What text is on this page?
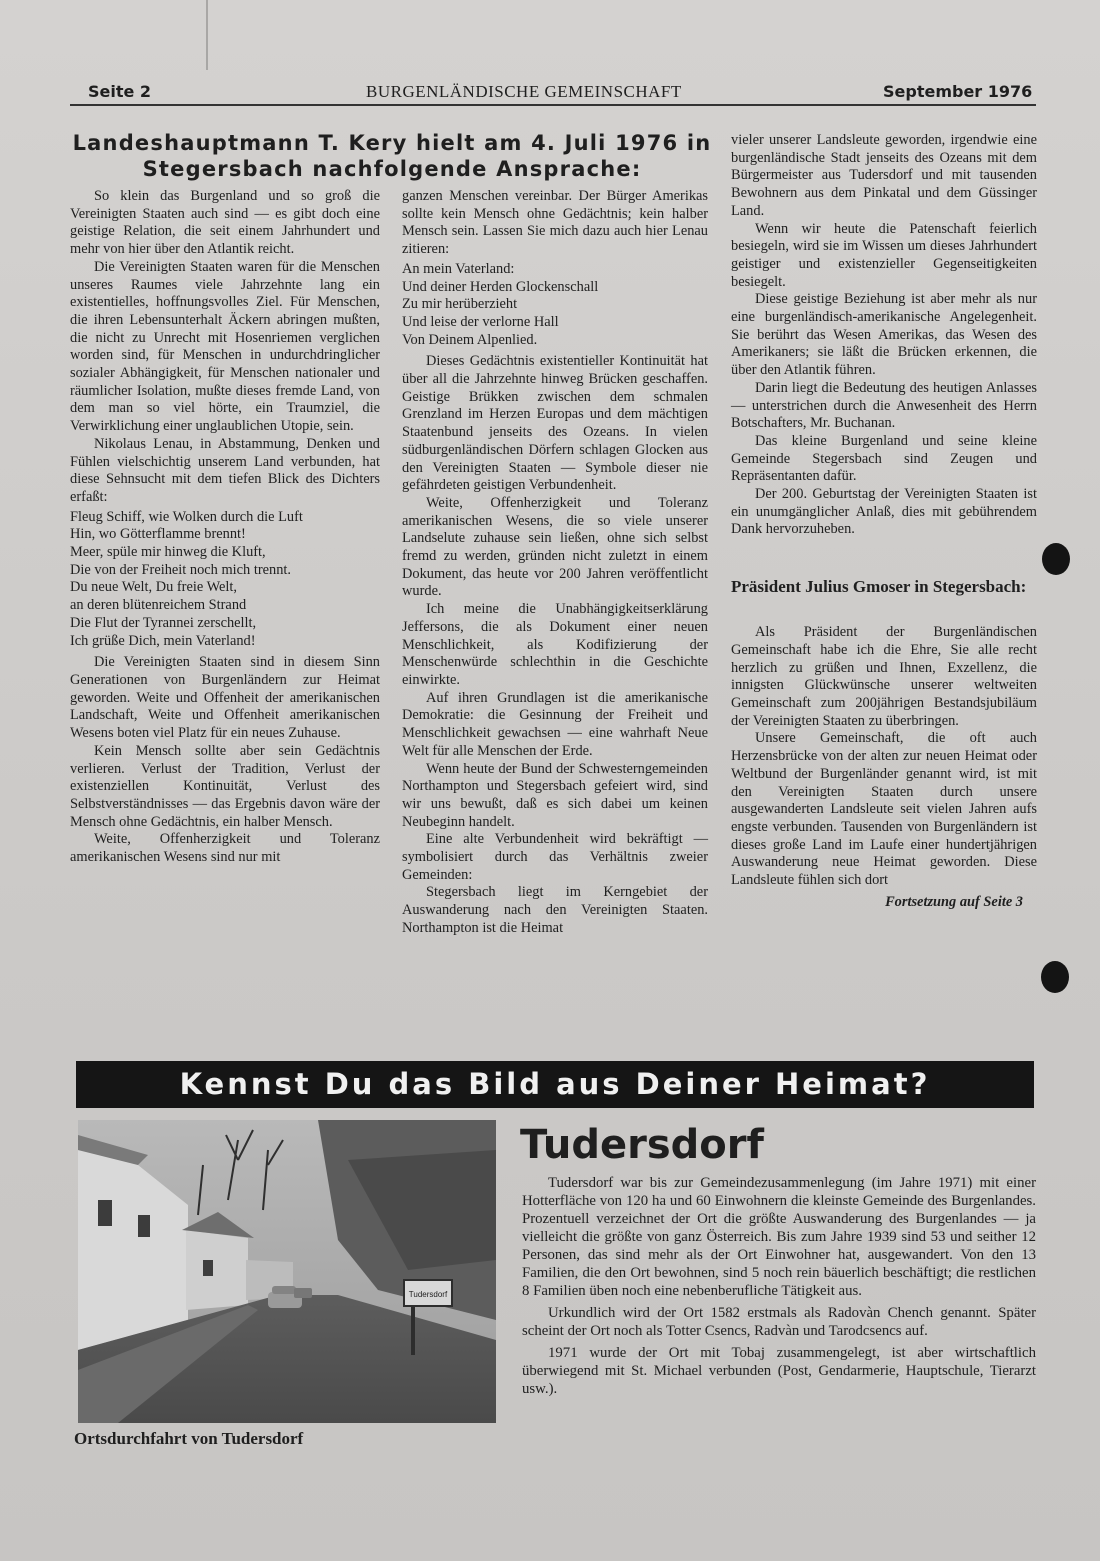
Seite 2	BURGENLÄNDISCHE GEMEINSCHAFT	September 1976
Landeshauptmann T. Kery hielt am 4. Juli 1976 in
Stegersbach nachfolgende Ansprache:

So klein das Burgenland und so groß die Vereinigten Staaten auch sind — es gibt doch eine geistige Relation, die seit einem Jahrhundert und mehr von hier über den Atlantik reicht.

Die Vereinigten Staaten waren für die Menschen unseres Raumes viele Jahrzehnte lang ein existentielles, hoffnungsvolles Ziel. Für Menschen, die ihren Lebensunterhalt Äckern abringen mußten, die nicht zu Unrecht mit Hosenriemen verglichen worden sind, für Menschen in undurchdringlicher sozialer Abhängigkeit, für Menschen nationaler und räumlicher Isolation, mußte dieses fremde Land, von dem man so viel hörte, ein Traumziel, die Verwirklichung einer unglaublichen Utopie, sein.

Nikolaus Lenau, in Abstammung, Denken und Fühlen vielschichtig unserem Land verbunden, hat diese Sehnsucht mit dem tiefen Blick des Dichters erfaßt:

Fleug Schiff, wie Wolken durch die Luft
Hin, wo Götterflamme brennt!
Meer, spüle mir hinweg die Kluft,
Die von der Freiheit noch mich trennt.
Du neue Welt, Du freie Welt,
an deren blütenreichem Strand
Die Flut der Tyrannei zerschellt,
Ich grüße Dich, mein Vaterland!

Die Vereinigten Staaten sind in diesem Sinn Generationen von Burgenländern zur Heimat geworden. Weite und Offenheit der amerikanischen Landschaft, Weite und Offenheit amerikanischen Wesens boten viel Platz für ein neues Zuhause.

Kein Mensch sollte aber sein Gedächtnis verlieren. Verlust der Tradition, Verlust der existenziellen Kontinuität, Verlust des Selbstverständnisses — das Ergebnis davon wäre der Mensch ohne Gedächtnis, ein halber Mensch.

Weite, Offenherzigkeit und Toleranz amerikanischen Wesens sind nur mit

ganzen Menschen vereinbar. Der Bürger Amerikas sollte kein Mensch ohne Gedächtnis; kein halber Mensch sein. Lassen Sie mich dazu auch hier Lenau zitieren:

An mein Vaterland:
Und deiner Herden Glockenschall
Zu mir herüberzieht
Und leise der verlorne Hall
Von Deinem Alpenlied.

Dieses Gedächtnis existentieller Kontinuität hat über all die Jahrzehnte hinweg Brücken geschaffen. Geistige Brükken zwischen dem schmalen Grenzland im Herzen Europas und dem mächtigen Staatenbund jenseits des Ozeans. In vielen südburgenländischen Dörfern schlagen Glocken aus den Vereinigten Staaten — Symbole dieser nie gefährdeten geistigen Verbundenheit.

Weite, Offenherzigkeit und Toleranz amerikanischen Wesens, die so viele unserer Landselute zuhause sein ließen, ohne sich selbst fremd zu werden, gründen nicht zuletzt in einem Dokument, das heute vor 200 Jahren veröffentlicht wurde.

Ich meine die Unabhängigkeitserklärung Jeffersons, die als Dokument einer neuen Menschlichkeit, als Kodifizierung der Menschenwürde schlechthin in die Geschichte einwirkte.

Auf ihren Grundlagen ist die amerikanische Demokratie: die Gesinnung der Freiheit und Menschlichkeit gewachsen — eine wahrhaft Neue Welt für alle Menschen der Erde.

Wenn heute der Bund der Schwesterngemeinden Northampton und Stegersbach gefeiert wird, sind wir uns bewußt, daß es sich dabei um keinen Neubeginn handelt.

Eine alte Verbundenheit wird bekräftigt — symbolisiert durch das Verhältnis zweier Gemeinden:

Stegersbach liegt im Kerngebiet der Auswanderung nach den Vereinigten Staaten. Northampton ist die Heimat

vieler unserer Landsleute geworden, irgendwie eine burgenländische Stadt jenseits des Ozeans mit dem Bürgermeister aus Tudersdorf und mit tausenden Bewohnern aus dem Pinkatal und dem Güssinger Land.

Wenn wir heute die Patenschaft feierlich besiegeln, wird sie im Wissen um dieses Jahrhundert geistiger und existenzieller Gegenseitigkeiten besiegelt.

Diese geistige Beziehung ist aber mehr als nur eine burgenländisch-amerikanische Angelegenheit. Sie berührt das Wesen Amerikas, das Wesen des Amerikaners; sie läßt die Brücken erkennen, die über den Atlantik führen.

Darin liegt die Bedeutung des heutigen Anlasses — unterstrichen durch die Anwesenheit des Herrn Botschafters, Mr. Buchanan.

Das kleine Burgenland und seine kleine Gemeinde Stegersbach sind Zeugen und Repräsentanten dafür.

Der 200. Geburtstag der Vereinigten Staaten ist ein unumgänglicher Anlaß, dies mit gebührendem Dank hervorzuheben.

Präsident Julius Gmoser in Stegersbach:

Als Präsident der Burgenländischen Gemeinschaft habe ich die Ehre, Sie alle recht herzlich zu grüßen und Ihnen, Exzellenz, die innigsten Glückwünsche unserer weltweiten Gemeinschaft zum 200jährigen Bestandsjubiläum der Vereinigten Staaten zu überbringen.

Unsere Gemeinschaft, die oft auch Herzensbrücke von der alten zur neuen Heimat oder Weltbund der Burgenländer genannt wird, ist mit den Vereinigten Staaten durch unsere ausgewanderten Landsleute seit vielen Jahren aufs engste verbunden. Tausenden von Burgenländern ist dieses große Land im Laufe einer hundertjährigen Auswanderung neue Heimat geworden. Diese Landsleute fühlen sich dort

Fortsetzung auf Seite 3
Kennst Du das Bild aus Deiner Heimat?
Tudersdorf
Ortsdurchfahrt von Tudersdorf
Tudersdorf

Tudersdorf war bis zur Gemeindezusammenlegung (im Jahre 1971) mit einer Hotterfläche von 120 ha und 60 Einwohnern die kleinste Gemeinde des Burgenlandes. Prozentuell verzeichnet der Ort die größte Auswanderung des Burgenlandes — ja vielleicht die größte von ganz Österreich. Bis zum Jahre 1939 sind 53 und seither 12 Personen, das sind mehr als der Ort Einwohner hat, ausgewandert. Von den 13 Familien, die den Ort bewohnen, sind 5 noch rein bäuerlich beschäftigt; die restlichen 8 Familien üben noch eine nebenberufliche Tätigkeit aus.

Urkundlich wird der Ort 1582 erstmals als Radovàn Chench genannt. Später scheint der Ort noch als Totter Csencs, Radvàn und Tarodcsencs auf.

1971 wurde der Ort mit Tobaj zusammengelegt, ist aber wirtschaftlich überwiegend mit St. Michael verbunden (Post, Gendarmerie, Hauptschule, Tierarzt usw.).
